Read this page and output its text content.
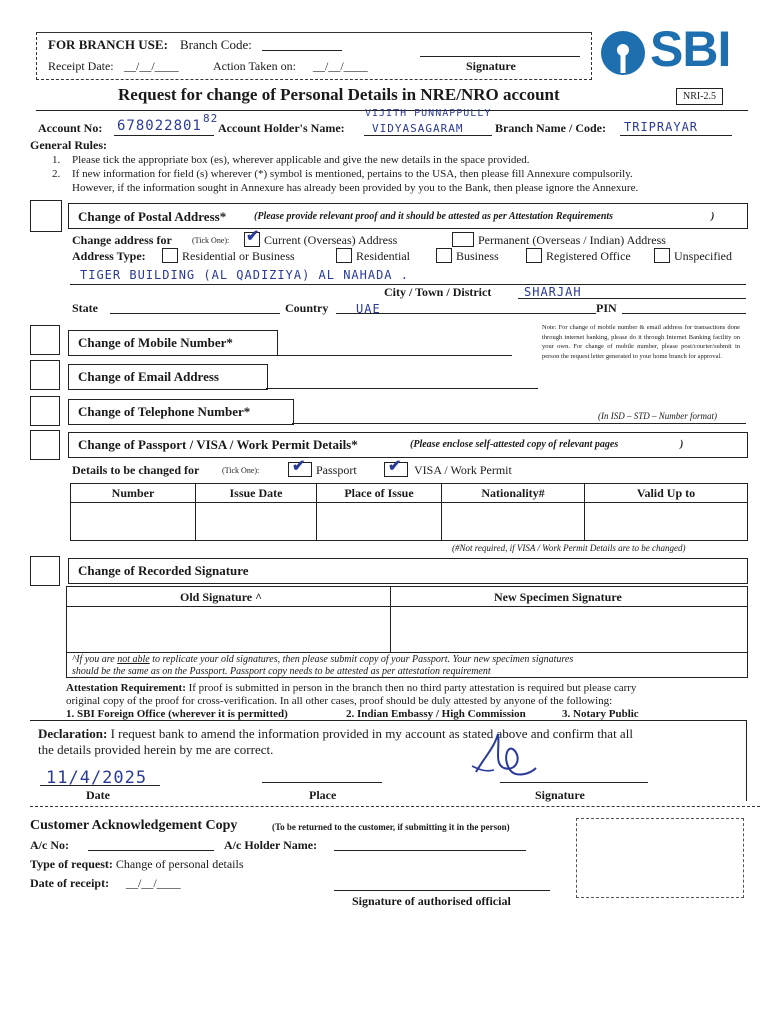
FOR BRANCH USE: Branch Code:
Receipt Date: __/__/____	Action Taken on: __/__/____	Signature	SBI
Request for change of Personal Details in NRE/NRO account	NRI-2.5
Account No: 678022801 82
Account Holder's Name:
VIJITH PUNNAPPULLY
VIDYASAGARAM	Branch Name / Code: TRIPRAYAR
General Rules:
1. Please tick the appropriate box (es), wherever applicable and give the new details in the space provided.
2. If new information for field (s) wherever (*) symbol is mentioned, pertains to the USA, then please fill Annexure compulsorily.
However, if the information sought in Annexure has already been provided by you to the Bank, then please ignore the Annexure.
Change of Postal Address*	(Please provide relevant proof and it should be attested as per Attestation Requirements	)
Change address for	(Tick One): ✔ Current (Overseas) Address	Permanent (Overseas / Indian) Address
Address Type:	Residential or Business	Residential	Business	Registered Office	Unspecified
TIGER BUILDING (AL QADIZIYA) AL NAHADA .
City / Town / District	SHARJAH
State	Country UAE	PIN
Change of Mobile Number*
Note: For change of mobile number & email address for transactions done through internet banking, please do it through Internet Banking facility on your own. For change of mobile number, please post/courier/submit in person the request letter generated to your home branch for approval.
Change of Email Address
Change of Telephone Number*	(In ISD – STD – Number format)
Change of Passport / VISA / Work Permit Details*	(Please enclose self-attested copy of relevant pages	)
Details to be changed for	(Tick One): ✔ Passport ✔ VISA / Work Permit
Number	Issue Date	Place of Issue	Nationality#	Valid Up to

(#Not required, if VISA / Work Permit Details are to be changed)
Change of Recorded Signature
Old Signature ^	New Specimen Signature
^If you are not able to replicate your old signatures, then please submit copy of your Passport. Your new specimen signatures
should be the same as on the Passport. Passport copy needs to be attested as per attestation requirement
Attestation Requirement: If proof is submitted in person in the branch then no third party attestation is required but please carry
original copy of the proof for cross-verification. In all other cases, proof should be duly attested by anyone of the following:
1. SBI Foreign Office (wherever it is permitted)	2. Indian Embassy / High Commission	3. Notary Public
Declaration: I request bank to amend the information provided in my account as stated above and confirm that all
the details provided herein by me are correct.
11/4/2025
Date	Place	Signature
Customer Acknowledgement Copy	(To be returned to the customer, if submitting it in the person)
A/c No:	A/c Holder Name:
Type of request: Change of personal details
Date of receipt: __/__/____
Signature of authorised official
